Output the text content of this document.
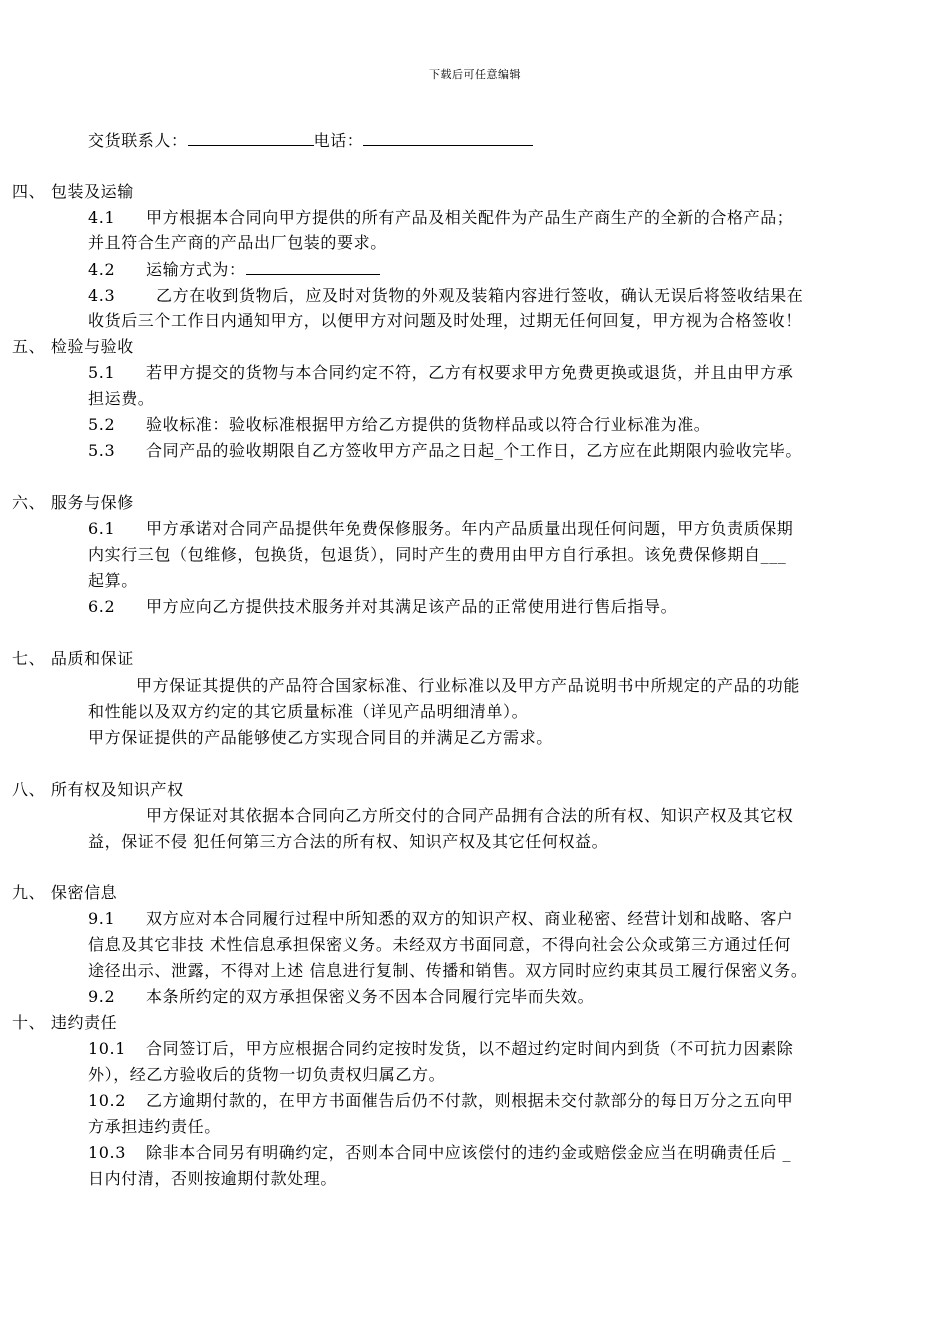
下载后可任意编辑
交货联系人：	电话：
四、 包装及运输
4.1 甲方根据本合同向甲方提供的所有产品及相关配件为产品生产商生产的全新的合格产品；
并且符合生产商的产品出厂包装的要求。
4.2 运输方式为：
4.3	乙方在收到货物后，应及时对货物的外观及装箱内容进行签收，确认无误后将签收结果在
收货后三个工作日内通知甲方，以便甲方对问题及时处理，过期无任何回复，甲方视为合格签收！
五、 检验与验收
5.1 若甲方提交的货物与本合同约定不符，乙方有权要求甲方免费更换或退货，并且由甲方承
担运费。
5.2 验收标准：验收标准根据甲方给乙方提供的货物样品或以符合行业标准为准。
5.3 合同产品的验收期限自乙方签收甲方产品之日起_个工作日，乙方应在此期限内验收完毕。
六、 服务与保修
6.1 甲方承诺对合同产品提供年免费保修服务。年内产品质量出现任何问题，甲方负责质保期
内实行三包（包维修，包换货，包退货），同时产生的费用由甲方自行承担。该免费保修期自___
起算。
6.2 甲方应向乙方提供技术服务并对其满足该产品的正常使用进行售后指导。
七、 品质和保证
甲方保证其提供的产品符合国家标准、行业标准以及甲方产品说明书中所规定的产品的功能
和性能以及双方约定的其它质量标准（详见产品明细清单）。
甲方保证提供的产品能够使乙方实现合同目的并满足乙方需求。
八、 所有权及知识产权
甲方保证对其依据本合同向乙方所交付的合同产品拥有合法的所有权、知识产权及其它权
益，保证不侵 犯任何第三方合法的所有权、知识产权及其它任何权益。
九、 保密信息
9.1 双方应对本合同履行过程中所知悉的双方的知识产权、商业秘密、经营计划和战略、客户
信息及其它非技 术性信息承担保密义务。未经双方书面同意，不得向社会公众或第三方通过任何
途径出示、泄露，不得对上述 信息进行复制、传播和销售。双方同时应约束其员工履行保密义务。
9.2 本条所约定的双方承担保密义务不因本合同履行完毕而失效。
十、 违约责任
10.1 合同签订后，甲方应根据合同约定按时发货，以不超过约定时间内到货（不可抗力因素除
外），经乙方验收后的货物一切负责权归属乙方。
10.2 乙方逾期付款的，在甲方书面催告后仍不付款，则根据未交付款部分的每日万分之五向甲
方承担违约责任。
10.3 除非本合同另有明确约定，否则本合同中应该偿付的违约金或赔偿金应当在明确责任后 _
日内付清，否则按逾期付款处理。
